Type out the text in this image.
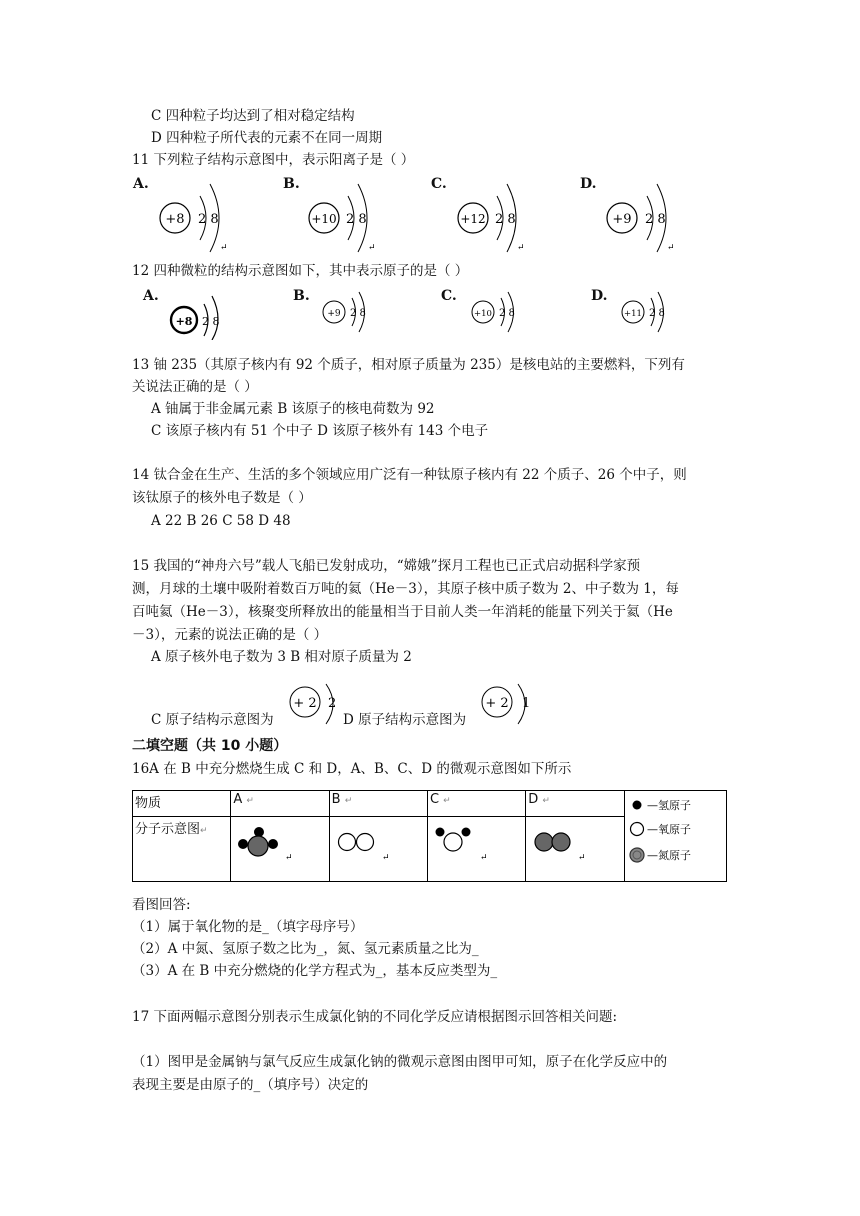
C 四种粒子均达到了相对稳定结构
D 四种粒子所代表的元素不在同一周期
11 下列粒子结构示意图中，表示阳离子是（ ）
A.
+8 2 8
↵
B.
+10 2 8
↵
C.
+12 2 8
↵
D.
+9 2 8
↵
12 四种微粒的结构示意图如下，其中表示原子的是（ ）
A.
+8 2 8
B.
+9 2 8
C.
+10 2 8
D.
+11 2 8
13 铀 235（其原子核内有 92 个质子，相对原子质量为 235）是核电站的主要燃料，下列有
关说法正确的是（ ）
A 铀属于非金属元素 B 该原子的核电荷数为 92
C 该原子核内有 51 个中子 D 该原子核外有 143 个电子
14 钛合金在生产、生活的多个领域应用广泛有一种钛原子核内有 22 个质子、26 个中子，则
该钛原子的核外电子数是（ ）
A 22 B 26 C 58 D 48
15 我国的“神舟六号”载人飞船已发射成功，“嫦娥”探月工程也已正式启动据科学家预
测，月球的土壤中吸附着数百万吨的氦（He－3），其原子核中质子数为 2、中子数为 1，每
百吨氦（He－3），核聚变所释放出的能量相当于目前人类一年消耗的能量下列关于氦（He
－3），元素的说法正确的是（ ）
A 原子核外电子数为 3 B 相对原子质量为 2
C 原子结构示意图为
+ 2 2
D 原子结构示意图为
+ 2 1
二填空题（共 10 小题）
16A 在 B 中充分燃烧生成 C 和 D，A、B、C、D 的微观示意图如下所示
物质	A ↵	B ↵	C ↵	D ↵	—氢原子
—氧原子
—氮原子

分子示意图↵	↵	↵	↵	↵	
看图回答:
（1）属于氧化物的是_（填字母序号）
（2）A 中氮、氢原子数之比为_，氮、氢元素质量之比为_
（3）A 在 B 中充分燃烧的化学方程式为_，基本反应类型为_
17 下面两幅示意图分别表示生成氯化钠的不同化学反应请根据图示回答相关问题:
（1）图甲是金属钠与氯气反应生成氯化钠的微观示意图由图甲可知，原子在化学反应中的
表现主要是由原子的_（填序号）决定的
